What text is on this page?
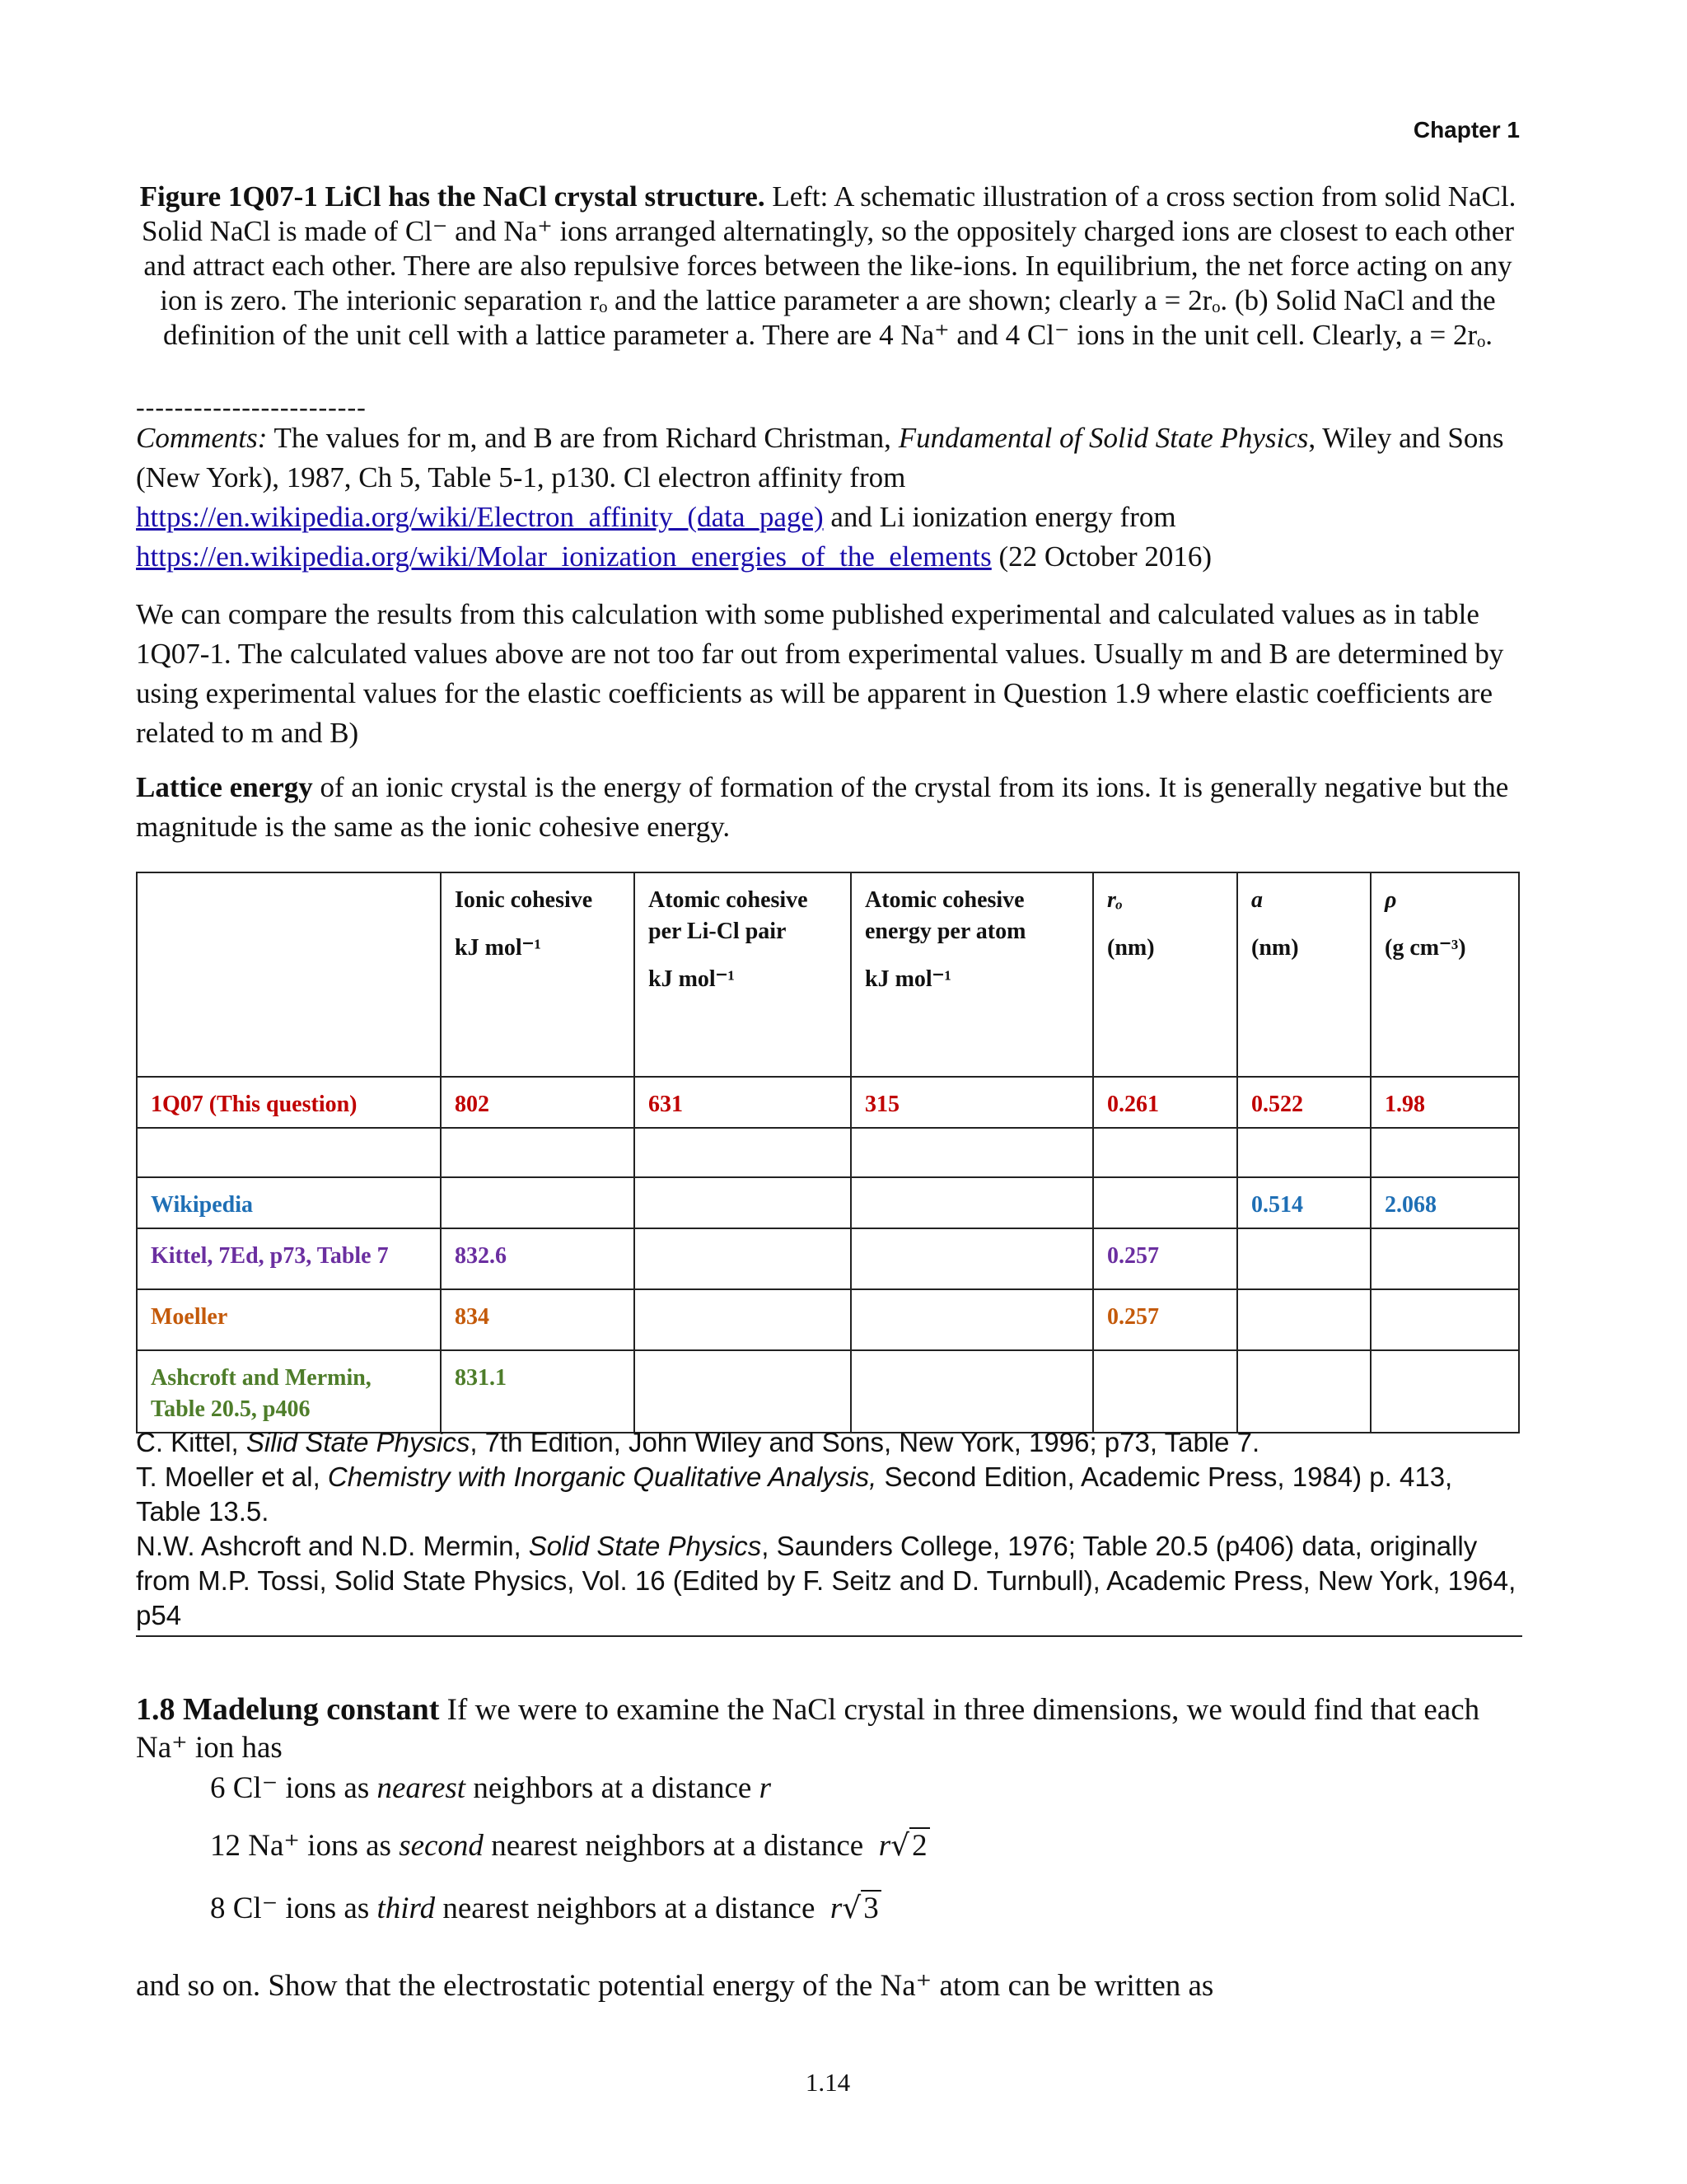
Chapter 1
Figure 1Q07-1 LiCl has the NaCl crystal structure. Left: A schematic illustration of a cross section from solid NaCl. Solid NaCl is made of Cl⁻ and Na⁺ ions arranged alternatingly, so the oppositely charged ions are closest to each other and attract each other. There are also repulsive forces between the like-ions. In equilibrium, the net force acting on any ion is zero. The interionic separation rₒ and the lattice parameter a are shown; clearly a = 2rₒ. (b) Solid NaCl and the definition of the unit cell with a lattice parameter a. There are 4 Na⁺ and 4 Cl⁻ ions in the unit cell. Clearly, a = 2rₒ.
------------------------
Comments: The values for m, and B are from Richard Christman, Fundamental of Solid State Physics, Wiley and Sons (New York), 1987, Ch 5, Table 5-1, p130. Cl electron affinity from https://en.wikipedia.org/wiki/Electron_affinity_(data_page) and Li ionization energy from https://en.wikipedia.org/wiki/Molar_ionization_energies_of_the_elements (22 October 2016)
We can compare the results from this calculation with some published experimental and calculated values as in table 1Q07-1. The calculated values above are not too far out from experimental values. Usually m and B are determined by using experimental values for the elastic coefficients as will be apparent in Question 1.9 where elastic coefficients are related to m and B)
Lattice energy of an ionic crystal is the energy of formation of the crystal from its ions. It is generally negative but the magnitude is the same as the ionic cohesive energy.

	Ionic cohesive
kJ mol⁻¹	Atomic cohesive
per Li-Cl pair
kJ mol⁻¹	Atomic cohesive
energy per atom
kJ mol⁻¹	rₒ
(nm)	a
(nm)	ρ
(g cm⁻³)

1Q07 (This question)	802	631	315	0.261	0.522	1.98

Wikipedia					0.514	2.068
Kittel, 7Ed, p73, Table 7	832.6			0.257		
Moeller	834			0.257		
Ashcroft and Mermin, Table 20.5, p406	831.1					

C. Kittel, Silid State Physics, 7th Edition, John Wiley and Sons, New York, 1996; p73, Table 7.

T. Moeller et al, Chemistry with Inorganic Qualitative Analysis, Second Edition, Academic Press, 1984) p. 413, Table 13.5.

N.W. Ashcroft and N.D. Mermin, Solid State Physics, Saunders College, 1976; Table 20.5 (p406) data, originally from M.P. Tossi, Solid State Physics, Vol. 16 (Edited by F. Seitz and D. Turnbull), Academic Press, New York, 1964, p54

1.8 Madelung constant If we were to examine the NaCl crystal in three dimensions, we would find that each Na⁺ ion has
6 Cl⁻ ions as nearest neighbors at a distance r
12 Na⁺ ions as second nearest neighbors at a distance  r√2
8 Cl⁻ ions as third nearest neighbors at a distance  r√3
and so on. Show that the electrostatic potential energy of the Na⁺ atom can be written as
1.14
